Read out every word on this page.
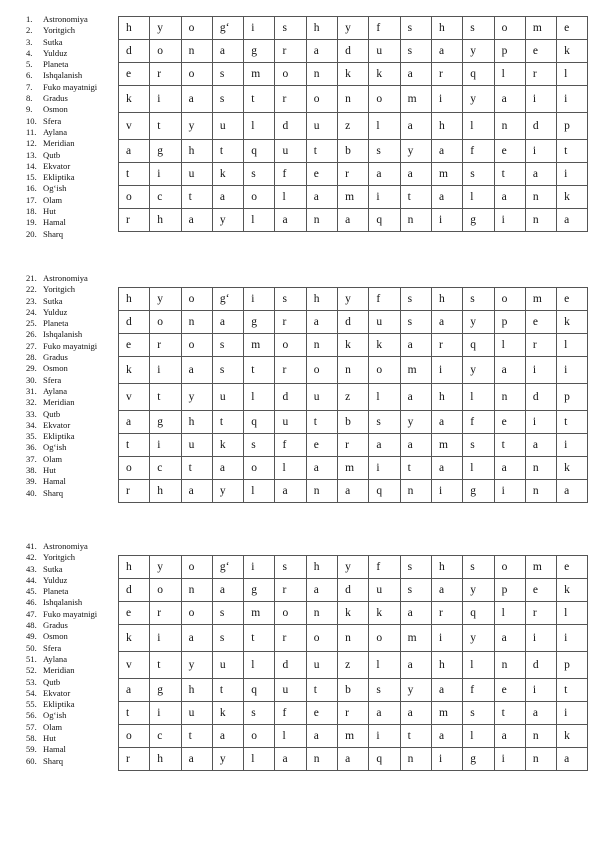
1. Astronomiya
2. Yoritgich
3. Sutka
4. Yulduz
5. Planeta
6. Ishqalanish
7. Fuko mayatnigi
8. Gradus
9. Osmon
10. Sfera
11. Aylana
12. Meridian
13. Qutb
14. Ekvator
15. Ekliptika
16. Og‘ish
17. Olam
18. Hut
19. Hamal
20. Sharq
h	y	o	g‘	i	s	h	y	f	s	h	s	o	m	e
d	o	n	a	g	r	a	d	u	s	a	y	p	e	k
e	r	o	s	m	o	n	k	k	a	r	q	l	r	l
k	i	a	s	t	r	o	n	o	m	i	y	a	i	i
v	t	y	u	l	d	u	z	l	a	h	l	n	d	p
a	g	h	t	q	u	t	b	s	y	a	f	e	i	t
t	i	u	k	s	f	e	r	a	a	m	s	t	a	i
o	c	t	a	o	l	a	m	i	t	a	l	a	n	k
r	h	a	y	l	a	n	a	q	n	i	g	i	n	a
21. Astronomiya
22. Yoritgich
23. Sutka
24. Yulduz
25. Planeta
26. Ishqalanish
27. Fuko mayatnigi
28. Gradus
29. Osmon
30. Sfera
31. Aylana
32. Meridian
33. Qutb
34. Ekvator
35. Ekliptika
36. Og‘ish
37. Olam
38. Hut
39. Hamal
40. Sharq
h	y	o	g‘	i	s	h	y	f	s	h	s	o	m	e
d	o	n	a	g	r	a	d	u	s	a	y	p	e	k
e	r	o	s	m	o	n	k	k	a	r	q	l	r	l
k	i	a	s	t	r	o	n	o	m	i	y	a	i	i
v	t	y	u	l	d	u	z	l	a	h	l	n	d	p
a	g	h	t	q	u	t	b	s	y	a	f	e	i	t
t	i	u	k	s	f	e	r	a	a	m	s	t	a	i
o	c	t	a	o	l	a	m	i	t	a	l	a	n	k
r	h	a	y	l	a	n	a	q	n	i	g	i	n	a
41. Astronomiya
42. Yoritgich
43. Sutka
44. Yulduz
45. Planeta
46. Ishqalanish
47. Fuko mayatnigi
48. Gradus
49. Osmon
50. Sfera
51. Aylana
52. Meridian
53. Qutb
54. Ekvator
55. Ekliptika
56. Og‘ish
57. Olam
58. Hut
59. Hamal
60. Sharq
h	y	o	g‘	i	s	h	y	f	s	h	s	o	m	e
d	o	n	a	g	r	a	d	u	s	a	y	p	e	k
e	r	o	s	m	o	n	k	k	a	r	q	l	r	l
k	i	a	s	t	r	o	n	o	m	i	y	a	i	i
v	t	y	u	l	d	u	z	l	a	h	l	n	d	p
a	g	h	t	q	u	t	b	s	y	a	f	e	i	t
t	i	u	k	s	f	e	r	a	a	m	s	t	a	i
o	c	t	a	o	l	a	m	i	t	a	l	a	n	k
r	h	a	y	l	a	n	a	q	n	i	g	i	n	a
